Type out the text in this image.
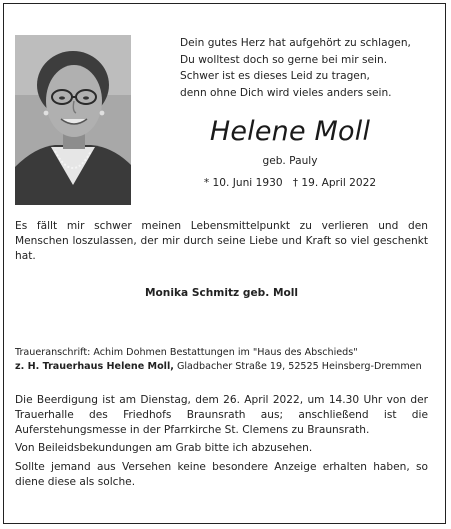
Dein gutes Herz hat aufgehört zu schlagen,
Du wolltest doch so gerne bei mir sein.
Schwer ist es dieses Leid zu tragen,
denn ohne Dich wird vieles anders sein.
Helene Moll
geb. Pauly
* 10. Juni 1930 † 19. April 2022
Es fällt mir schwer meinen Lebensmittelpunkt zu verlieren und den Menschen loszulassen, der mir durch seine Liebe und Kraft so viel geschenkt hat.
Monika Schmitz geb. Moll
Traueranschrift: Achim Dohmen Bestattungen im "Haus des Abschieds"
z. H. Trauerhaus Helene Moll, Gladbacher Straße 19, 52525 Heinsberg-Dremmen
Die Beerdigung ist am Dienstag, dem 26. April 2022, um 14.30 Uhr von der Trauerhalle des Friedhofs Braunsrath aus; anschließend ist die Auferstehungsmesse in der Pfarrkirche St. Clemens zu Braunsrath.
Von Beileidsbekundungen am Grab bitte ich abzusehen.
Sollte jemand aus Versehen keine besondere Anzeige erhalten haben, so diene diese als solche.
